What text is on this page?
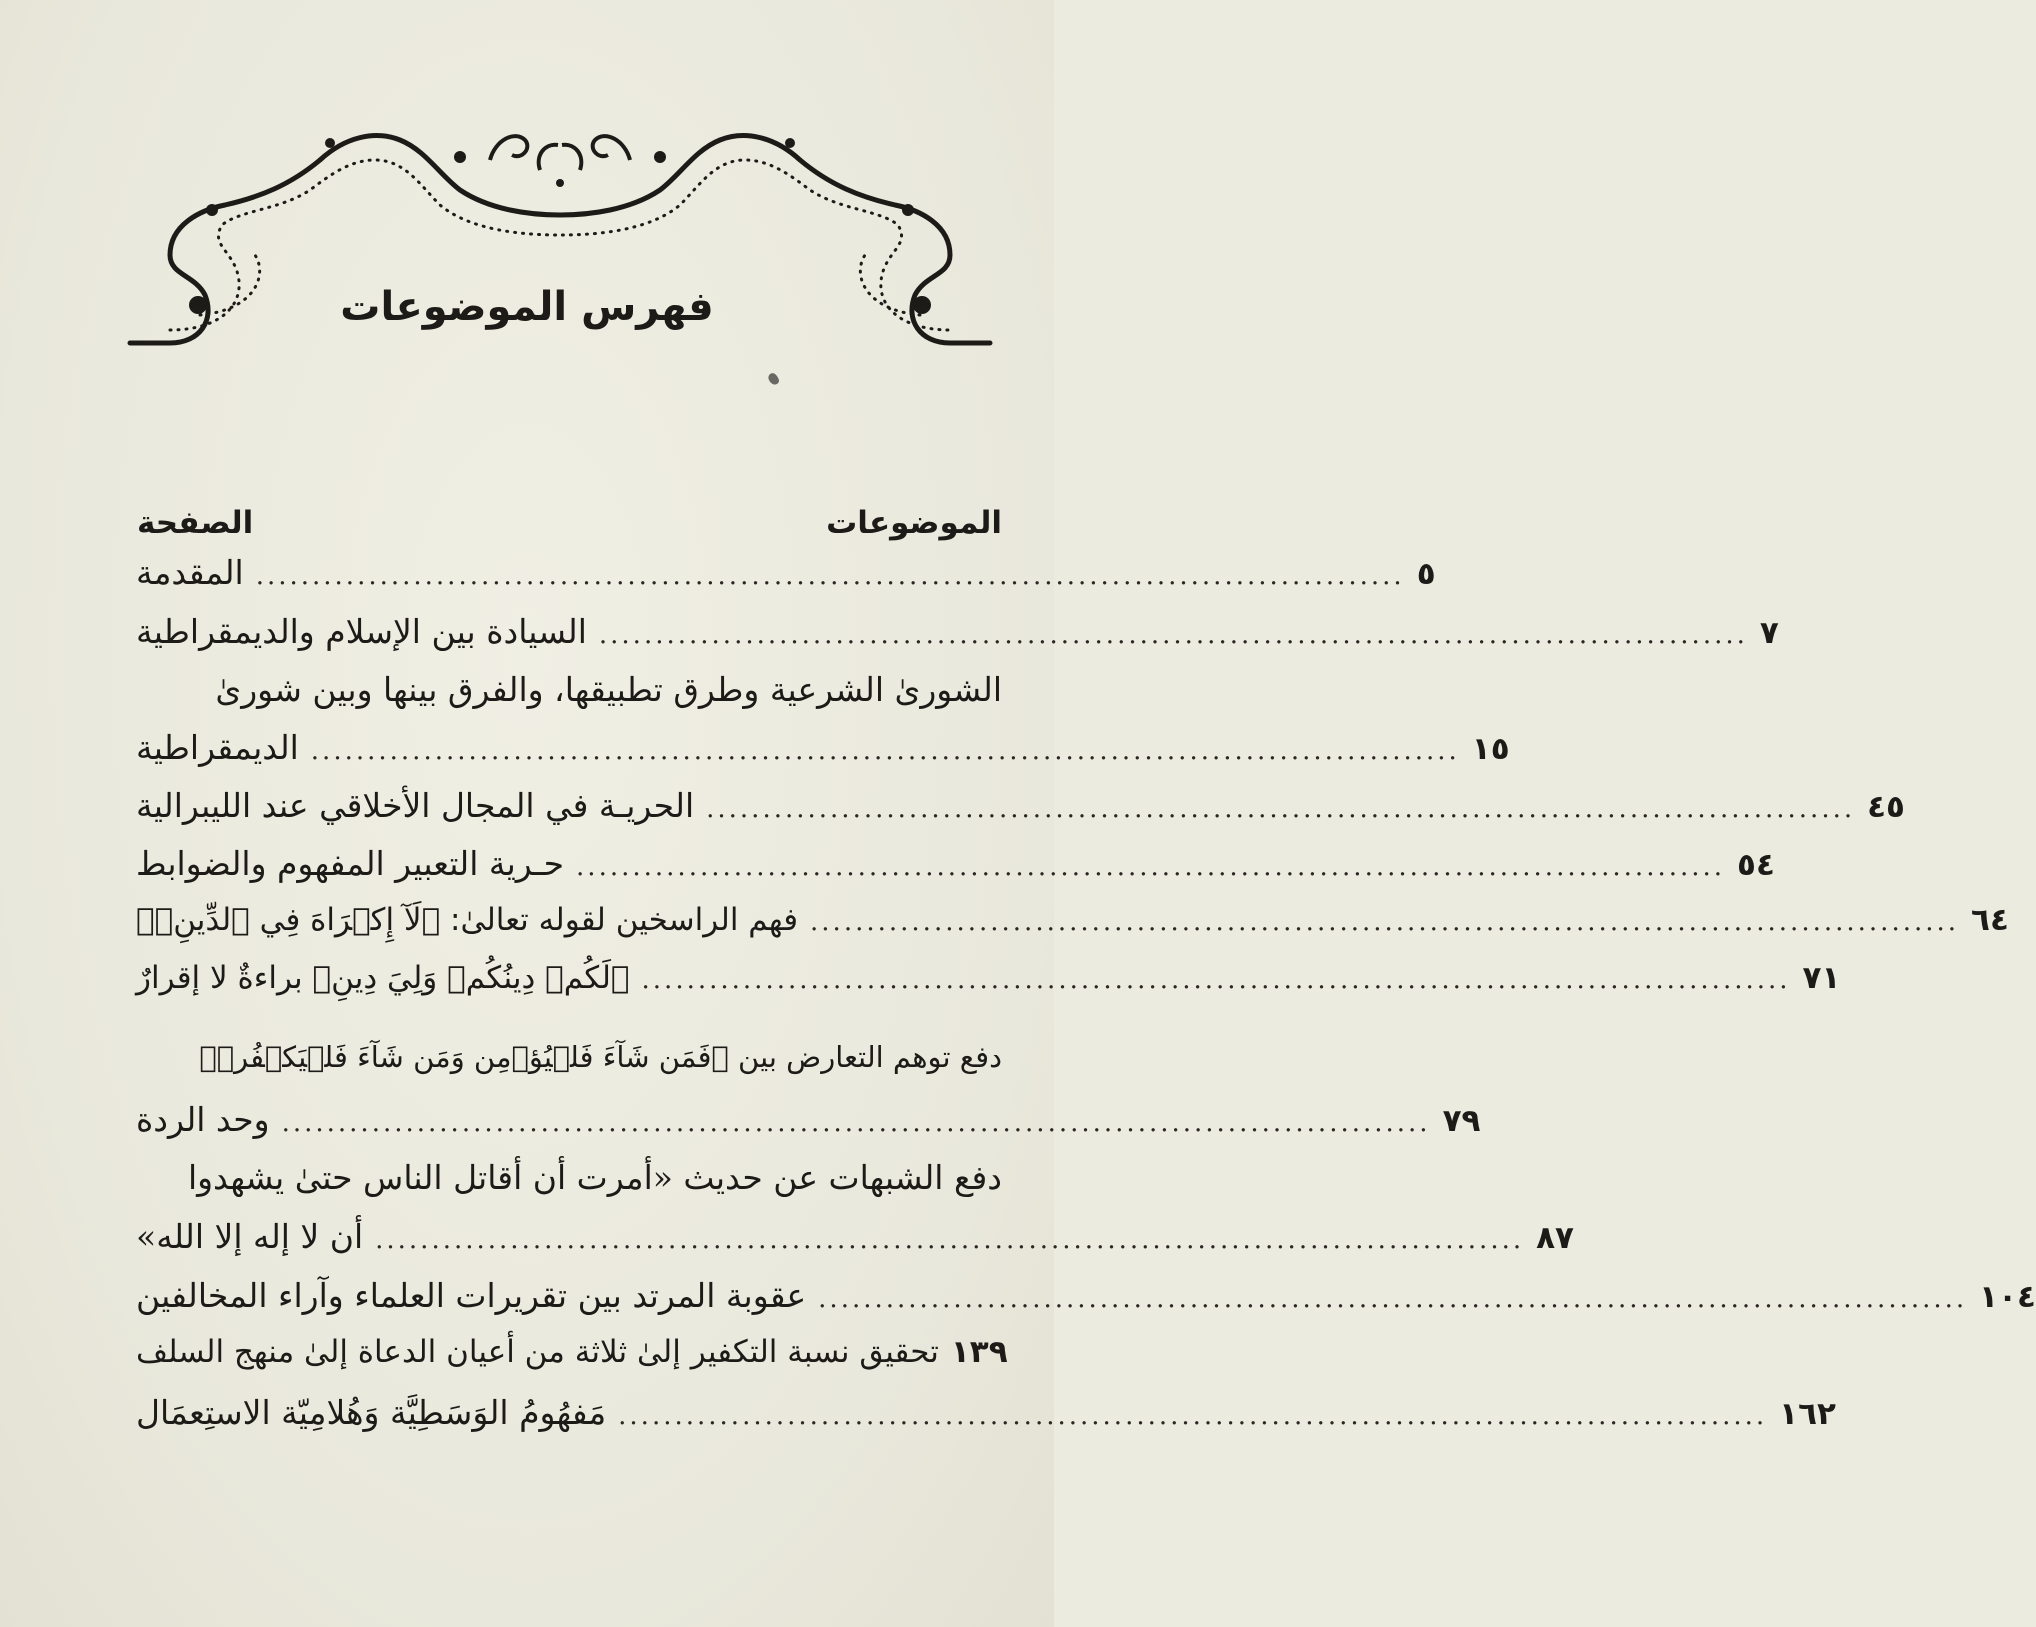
فهرس الموضوعات
الموضوعات
الصفحة
المقدمة ...................................................................................................... ٥
السيادة بين الإسلام والديمقراطية ...................................................................................................... ٧
الشورىٰ الشرعية وطرق تطبيقها، والفرق بينها وبين شورىٰ
الديمقراطية ...................................................................................................... ١٥
الحريـة في المجال الأخلاقي عند الليبرالية ...................................................................................................... ٤٥
حـرية التعبير المفهوم والضوابط ...................................................................................................... ٥٤
فهم الراسخين لقوله تعالىٰ: ﴿لَآ إِكۡرَاهَ فِي ٱلدِّينِۖ﴾ ...................................................................................................... ٦٤
﴿لَكُمۡ دِينُكُمۡ وَلِيَ دِينِ﴾ براءةٌ لا إقرارٌ ...................................................................................................... ٧١
دفع توهم التعارض بين ﴿فَمَن شَآءَ فَلۡيُؤۡمِن وَمَن شَآءَ فَلۡيَكۡفُرۡ﴾
وحد الردة ...................................................................................................... ٧٩
دفع الشبهات عن حديث «أمرت أن أقاتل الناس حتىٰ يشهدوا
أن لا إله إلا الله» ...................................................................................................... ٨٧
عقوبة المرتد بين تقريرات العلماء وآراء المخالفين ...................................................................................................... ١٠٤
تحقيق نسبة التكفير إلىٰ ثلاثة من أعيان الدعاة إلىٰ منهج السلف ١٣٩
مَفهُومُ الوَسَطِيَّة وَهُلامِيّة الاستِعمَال ...................................................................................................... ١٦٢
